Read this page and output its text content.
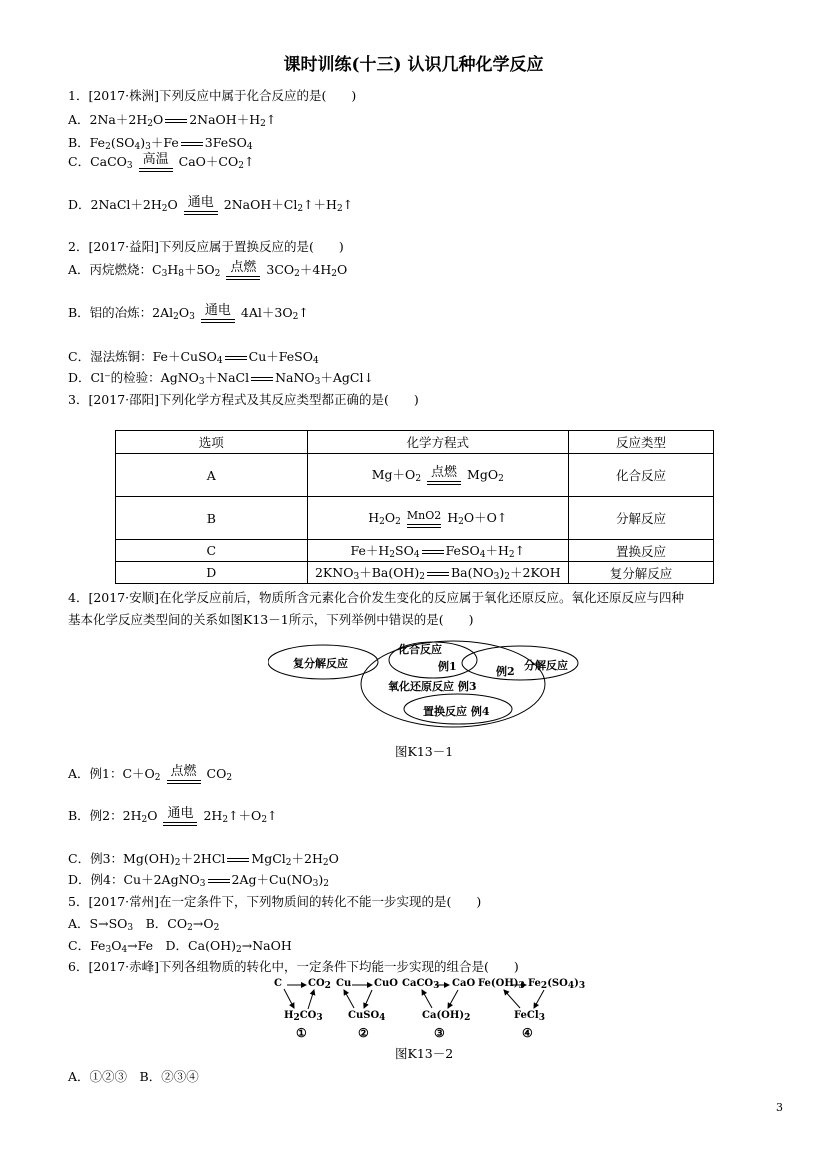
课时训练(十三) 认识几种化学反应
1．[2017·株洲]下列反应中属于化合反应的是(　　)
A．$2Na+2H_2O$ $2NaOH+H_2↑$
B．$Fe_2(SO_4)_3+Fe$ 3FeSO$_4$
C．CaCO$_3$ 高温 $CaO+CO_2↑$
D．$2NaCl+2H_2O$ 通电 $2NaOH+Cl_2↑+H_2↑$
2．[2017·益阳]下列反应属于置换反应的是(　　)
A．丙烷燃烧：$C_3H_8+5O_2$ 点燃 $3CO_2+4H_2O$
B．铝的冶炼：$2Al_2O_3$ 通电 $4Al+3O_2↑$
C．湿法炼铜：Fe＋CuSO$_4$ Cu＋FeSO$_4$
D．Cl⁻的检验：AgNO$_3$＋NaCl NaNO$_3$＋AgCl↓
3．[2017·邵阳]下列化学方程式及其反应类型都正确的是(　　)
选项	化学方程式	反应类型
A	$Mg+O_2$ 点燃 MgO$_2$	化合反应
B	$H_2O_2$ MnO2 $H_2O+O↑$	分解反应
C	$Fe+H_2SO_4$ $FeSO_4+H_2↑$	置换反应
D	$2KNO_3+Ba(OH)_2$ $Ba(NO_3)_2+2KOH$	复分解反应
4．[2017·安顺]在化学反应前后，物质所含元素化合价发生变化的反应属于氧化还原反应。氧化还原反应与四种
基本化学反应类型间的关系如图K13－1所示，下列举例中错误的是(　　)
复分解反应
化合反应
例1	例2 分解反应
氧化还原反应 例3
置换反应 例4
图K13－1
A．例1：$C+O_2$ 点燃 $CO_2$
B．例2：$2H_2O$ 通电 $2H_2↑+O_2↑$
C．例3：$Mg(OH)_2+2HCl$ $MgCl_2+2H_2O$
D．例4：Cu＋2AgNO$_3$ $2Ag+Cu(NO_3)_2$
5．[2017·常州]在一定条件下，下列物质间的转化不能一步实现的是(　　)
A．$S\to SO_3$　B．$CO_2\to O_2$
C．$Fe_3O_4\to Fe$　D．$Ca(OH)_2\to NaOH$
6．[2017·赤峰]下列各组物质的转化中，一定条件下均能一步实现的组合是(　　)
C	$CO_2$
$H_2CO_3$
Cu CuO
CuSO$_4$
CaCO$_3$ CaO
$Ca(OH)_2$
$Fe(OH)_3$ $Fe_2(SO_4)_3$
FeCl$_3$
①	②	③	④
图K13－2
A．①②③　B．②③④
3
